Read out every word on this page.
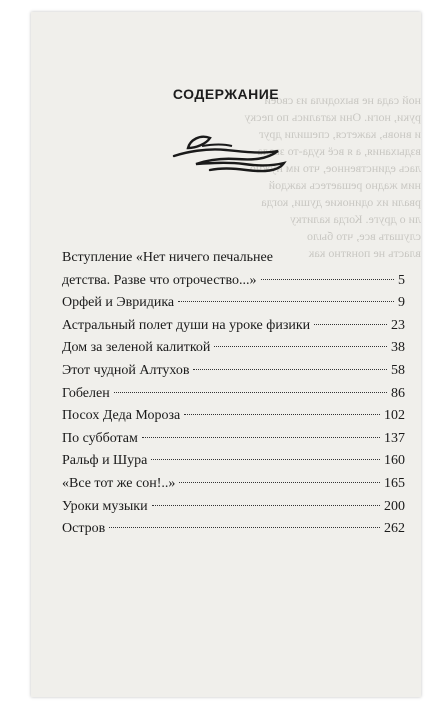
ной сада не выходила из своей
руки, ноги. Они катались по песку
и вновь, кажется, спешили друг
вздыхания, а я всё куда-то звала
лась единственное, что им нужно
ним жадно решаетесь каждой
рвали их одинокие души, когда
ли о друге. Когда калитку
слушать все, что было
власть не понятно как
СОДЕРЖАНИЕ
Вступление «Нет ничего печальнее
детства. Разве что отрочество...»	5
Орфей и Эвридика	9
Астральный полет души на уроке физики	23
Дом за зеленой калиткой	38
Этот чудной Алтухов	58
Гобелен	86
Посох Деда Мороза	102
По субботам	137
Ральф и Шура	160
«Все тот же сон!..»	165
Уроки музыки	200
Остров	262
